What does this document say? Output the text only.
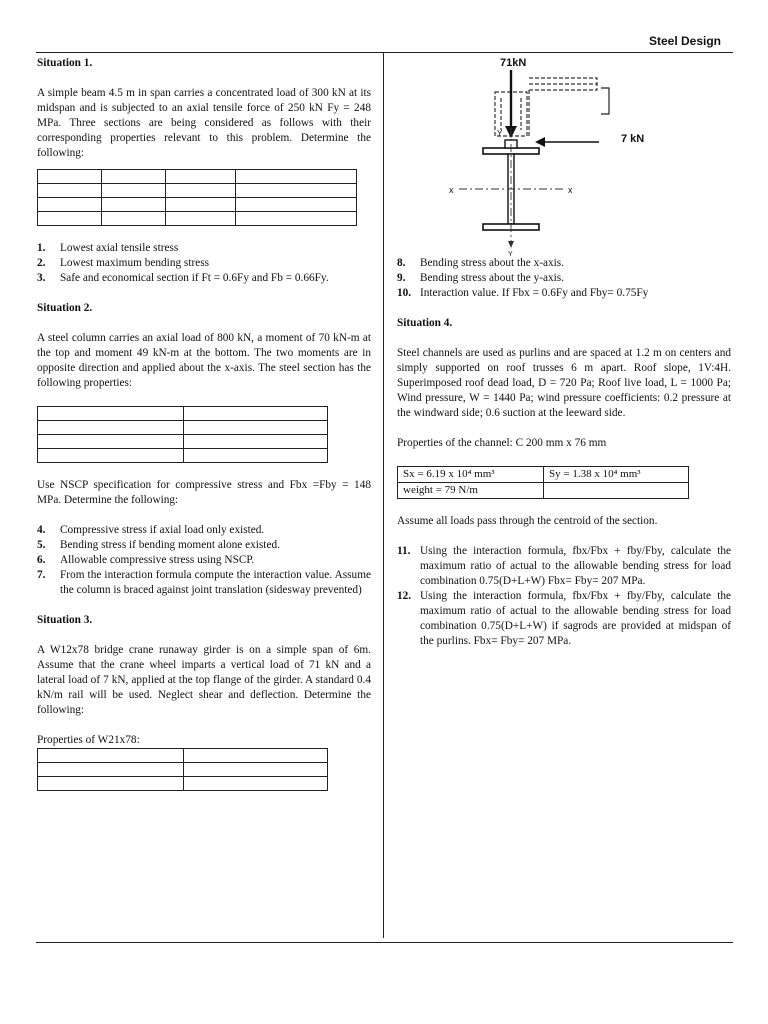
Steel Design
Situation 1.

A simple beam 4.5 m in span carries a concentrated load of 300 kN at its midspan and is subjected to an axial tensile force of 250 kN Fy = 248 MPa. Three sections are being considered as follows with their corresponding properties relevant to this problem. Determine the following:

1. Lowest axial tensile stress
2. Lowest maximum bending stress
3. Safe and economical section if Ft = 0.6Fy and Fb = 0.66Fy.
Situation 2.

A steel column carries an axial load of 800 kN, a moment of 70 kN-m at the top and moment 49 kN-m at the bottom. The two moments are in opposite direction and applied about the x-axis. The steel section has the following properties:

Use NSCP specification for compressive stress and Fbx =Fby = 148 MPa. Determine the following:

4. Compressive stress if axial load only existed.
5. Bending stress if bending moment alone existed.
6. Allowable compressive stress using NSCP.
7. From the interaction formula compute the interaction value. Assume the column is braced against joint translation (sidesway prevented)
Situation 3.

A W12x78 bridge crane runaway girder is on a simple span of 6m. Assume that the crane wheel imparts a vertical load of 71 kN and a lateral load of 7 kN, applied at the top flange of the girder. A standard 0.4 kN/m rail will be used. Neglect shear and deflection. Determine the following:

Properties of W21x78:

71kN
7 kN
x	x
Y
Y
8. Bending stress about the x-axis.
9. Bending stress about the y-axis.
10. Interaction value. If Fbx = 0.6Fy and Fby= 0.75Fy
Situation 4.

Steel channels are used as purlins and are spaced at 1.2 m on centers and simply supported on roof trusses 6 m apart. Roof slope, 1V:4H. Superimposed roof dead load, D = 720 Pa; Roof live load, L = 1000 Pa; Wind pressure, W = 1440 Pa; wind pressure coefficients: 0.2 pressure at the windward side; 0.6 suction at the leeward side.

Properties of the channel: C 200 mm x 76 mm
Sx = 6.19 x 10⁴ mm³	Sy = 1.38 x 10⁴ mm³
weight = 79 N/m	

Assume all loads pass through the centroid of the section.

11. Using the interaction formula, fbx/Fbx + fby/Fby, calculate the maximum ratio of actual to the allowable bending stress for load combination 0.75(D+L+W) Fbx= Fby= 207 MPa.
12. Using the interaction formula, fbx/Fbx + fby/Fby, calculate the maximum ratio of actual to the allowable bending stress for load combination 0.75(D+L+W) if sagrods are provided at midspan of the purlins. Fbx= Fby= 207 MPa.
